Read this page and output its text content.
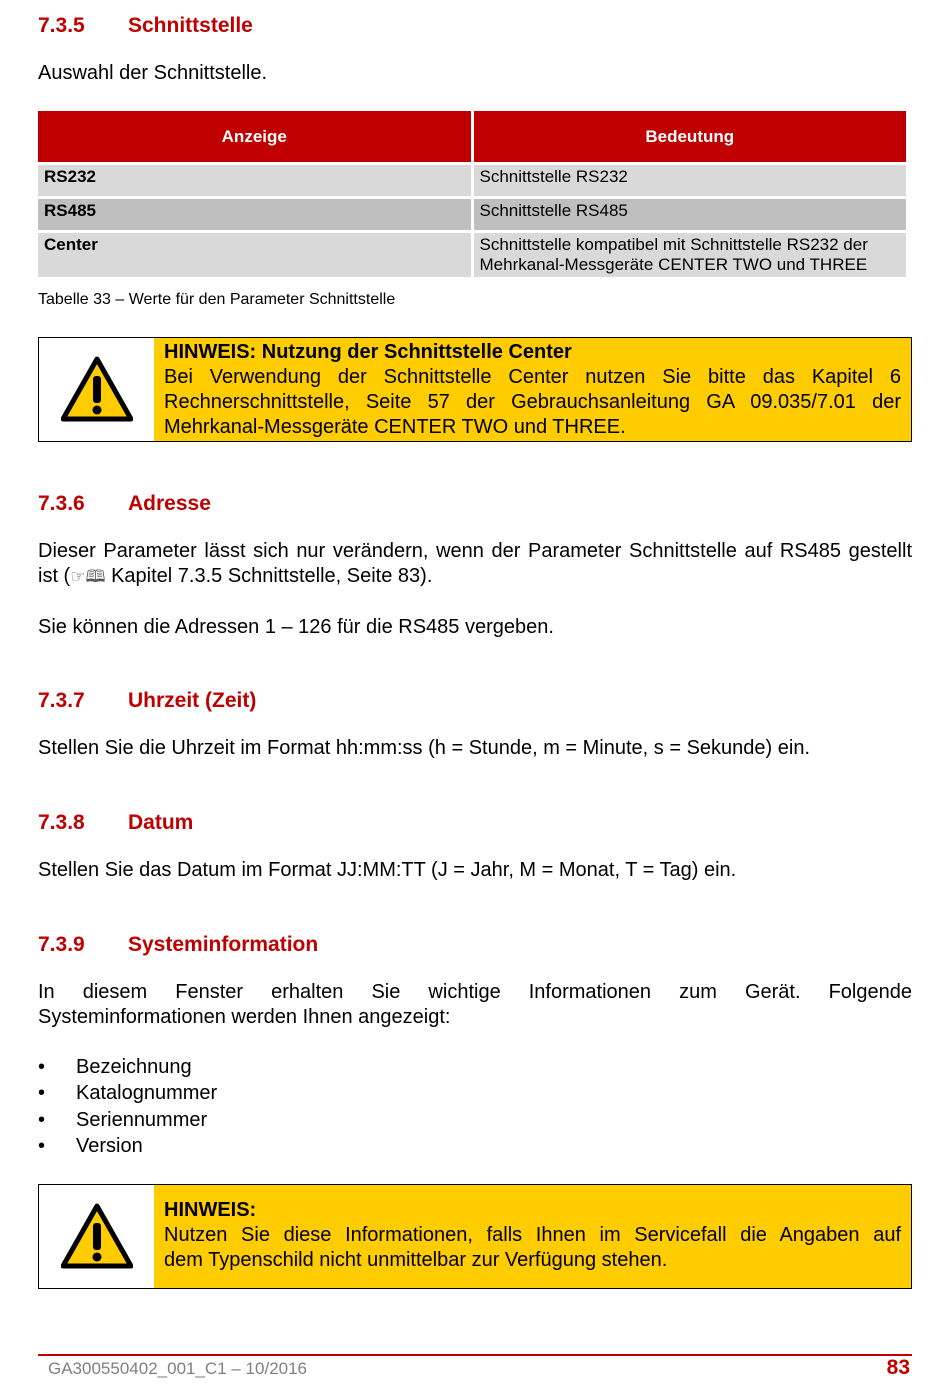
7.3.5 Schnittstelle
Auswahl der Schnittstelle.
Anzeige	Bedeutung
RS232	Schnittstelle RS232
RS485	Schnittstelle RS485
Center	Schnittstelle kompatibel mit Schnittstelle RS232 der
Mehrkanal-Messgeräte CENTER TWO und THREE
Tabelle 33 – Werte für den Parameter Schnittstelle
HINWEIS: Nutzung der Schnittstelle Center
Bei Verwendung der Schnittstelle Center nutzen Sie bitte das Kapitel 6
Rechnerschnittstelle, Seite 57 der Gebrauchsanleitung GA 09.035/7.01 der
Mehrkanal-Messgeräte CENTER TWO und THREE.
7.3.6 Adresse
Dieser Parameter lässt sich nur verändern, wenn der Parameter Schnittstelle auf RS485 gestellt ist (☞🕮 Kapitel 7.3.5 Schnittstelle, Seite 83).
Sie können die Adressen 1 – 126 für die RS485 vergeben.
7.3.7 Uhrzeit (Zeit)
Stellen Sie die Uhrzeit im Format hh:mm:ss (h = Stunde, m = Minute, s = Sekunde) ein.
7.3.8 Datum
Stellen Sie das Datum im Format JJ:MM:TT (J = Jahr, M = Monat, T = Tag) ein.
7.3.9 Systeminformation
In diesem Fenster erhalten Sie wichtige Informationen zum Gerät. Folgende
Systeminformationen werden Ihnen angezeigt:
• Bezeichnung
• Katalognummer
• Seriennummer
• Version
HINWEIS:
Nutzen Sie diese Informationen, falls Ihnen im Servicefall die Angaben auf
dem Typenschild nicht unmittelbar zur Verfügung stehen.
GA300550402_001_C1 – 10/2016	83
